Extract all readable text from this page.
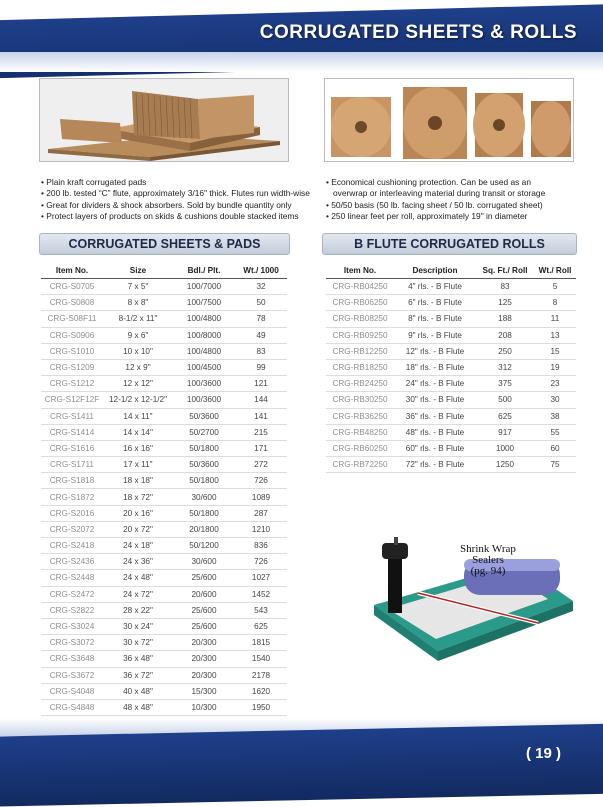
CORRUGATED SHEETS & ROLLS
• Plain kraft corrugated pads
• 200 lb. tested “C” flute, approximately 3/16" thick. Flutes run width-wise
• Great for dividers & shock absorbers. Sold by bundle quantity only
• Protect layers of products on skids & cushions double stacked items
• Economical cushioning protection. Can be used as an
overwrap or interleaving material during transit or storage
• 50/50 basis (50 lb. facing sheet / 50 lb. corrugated sheet)
• 250 linear feet per roll, approximately 19" in diameter
CORRUGATED SHEETS & PADS	B FLUTE CORRUGATED ROLLS
Item No.	Size	Bdl./ Plt.	Wt./ 1000
CRG-S0705	7 x 5"	100/7000	32
CRG-S0808	8 x 8"	100/7500	50
CRG-S08F11	8-1/2 x 11"	100/4800	78
CRG-S0906	9 x 6"	100/8000	49
CRG-S1010	10 x 10"	100/4800	83
CRG-S1209	12 x 9"	100/4500	99
CRG-S1212	12 x 12"	100/3600	121
CRG-S12F12F	12-1/2 x 12-1/2"	100/3600	144
CRG-S1411	14 x 11"	50/3600	141
CRG-S1414	14 x 14"	50/2700	215
CRG-S1616	16 x 16"	50/1800	171
CRG-S1711	17 x 11"	50/3600	272
CRG-S1818	18 x 18"	50/1800	726
CRG-S1872	18 x 72"	30/600	1089
CRG-S2016	20 x 16"	50/1800	287
CRG-S2072	20 x 72"	20/1800	1210
CRG-S2418	24 x 18"	50/1200	836
CRG-S2436	24 x 36"	30/600	726
CRG-S2448	24 x 48"	25/600	1027
CRG-S2472	24 x 72"	20/600	1452
CRG-S2822	28 x 22"	25/600	543
CRG-S3024	30 x 24"	25/600	625
CRG-S3072	30 x 72"	20/300	1815
CRG-S3648	36 x 48"	20/300	1540
CRG-S3672	36 x 72"	20/300	2178
CRG-S4048	40 x 48"	15/300	1620
CRG-S4848	48 x 48"	10/300	1950

Item No.	Description	Sq. Ft./ Roll	Wt./ Roll
CRG-RB04250	4" rls. - B Flute	83	5
CRG-RB06250	6" rls. - B Flute	125	8
CRG-RB08250	8" rls. - B Flute	188	11
CRG-RB09250	9" rls. - B Flute	208	13
CRG-RB12250	12" rls. - B Flute	250	15
CRG-RB18250	18" rls. - B Flute	312	19
CRG-RB24250	24" rls. - B Flute	375	23
CRG-RB30250	30" rls. - B Flute	500	30
CRG-RB36250	36" rls. - B Flute	625	38
CRG-RB48250	48" rls. - B Flute	917	55
CRG-RB60250	60" rls. - B Flute	1000	60
CRG-RB72250	72" rls. - B Flute	1250	75
Shrink Wrap
Sealers
(pg. 94)
( 19 )
